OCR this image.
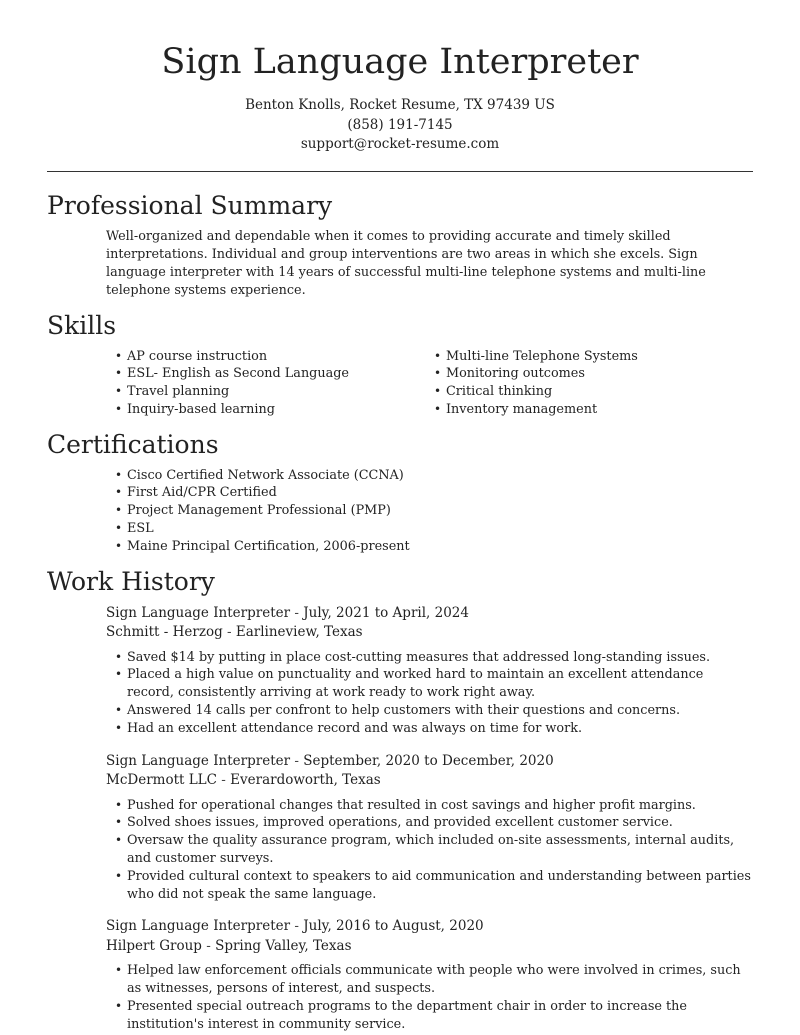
Sign Language Interpreter
Benton Knolls, Rocket Resume, TX 97439 US
(858) 191-7145
support@rocket-resume.com
Professional Summary
Well-organized and dependable when it comes to providing accurate and timely skilled interpretations. Individual and group interventions are two areas in which she excels. Sign language interpreter with 14 years of successful multi-line telephone systems and multi-line telephone systems experience.
Skills
• AP course instruction
• ESL- English as Second Language
• Travel planning
• Inquiry-based learning
• Multi-line Telephone Systems
• Monitoring outcomes
• Critical thinking
• Inventory management
Certifications
• Cisco Certified Network Associate (CCNA)
• First Aid/CPR Certified
• Project Management Professional (PMP)
• ESL
• Maine Principal Certification, 2006-present
Work History
Sign Language Interpreter - July, 2021 to April, 2024
Schmitt - Herzog - Earlineview, Texas
• Saved $14 by putting in place cost-cutting measures that addressed long-standing issues.
• Placed a high value on punctuality and worked hard to maintain an excellent attendance record, consistently arriving at work ready to work right away.
• Answered 14 calls per confront to help customers with their questions and concerns.
• Had an excellent attendance record and was always on time for work.
Sign Language Interpreter - September, 2020 to December, 2020
McDermott LLC - Everardoworth, Texas
• Pushed for operational changes that resulted in cost savings and higher profit margins.
• Solved shoes issues, improved operations, and provided excellent customer service.
• Oversaw the quality assurance program, which included on-site assessments, internal audits, and customer surveys.
• Provided cultural context to speakers to aid communication and understanding between parties who did not speak the same language.
Sign Language Interpreter - July, 2016 to August, 2020
Hilpert Group - Spring Valley, Texas
• Helped law enforcement officials communicate with people who were involved in crimes, such as witnesses, persons of interest, and suspects.
• Presented special outreach programs to the department chair in order to increase the institution's interest in community service.
